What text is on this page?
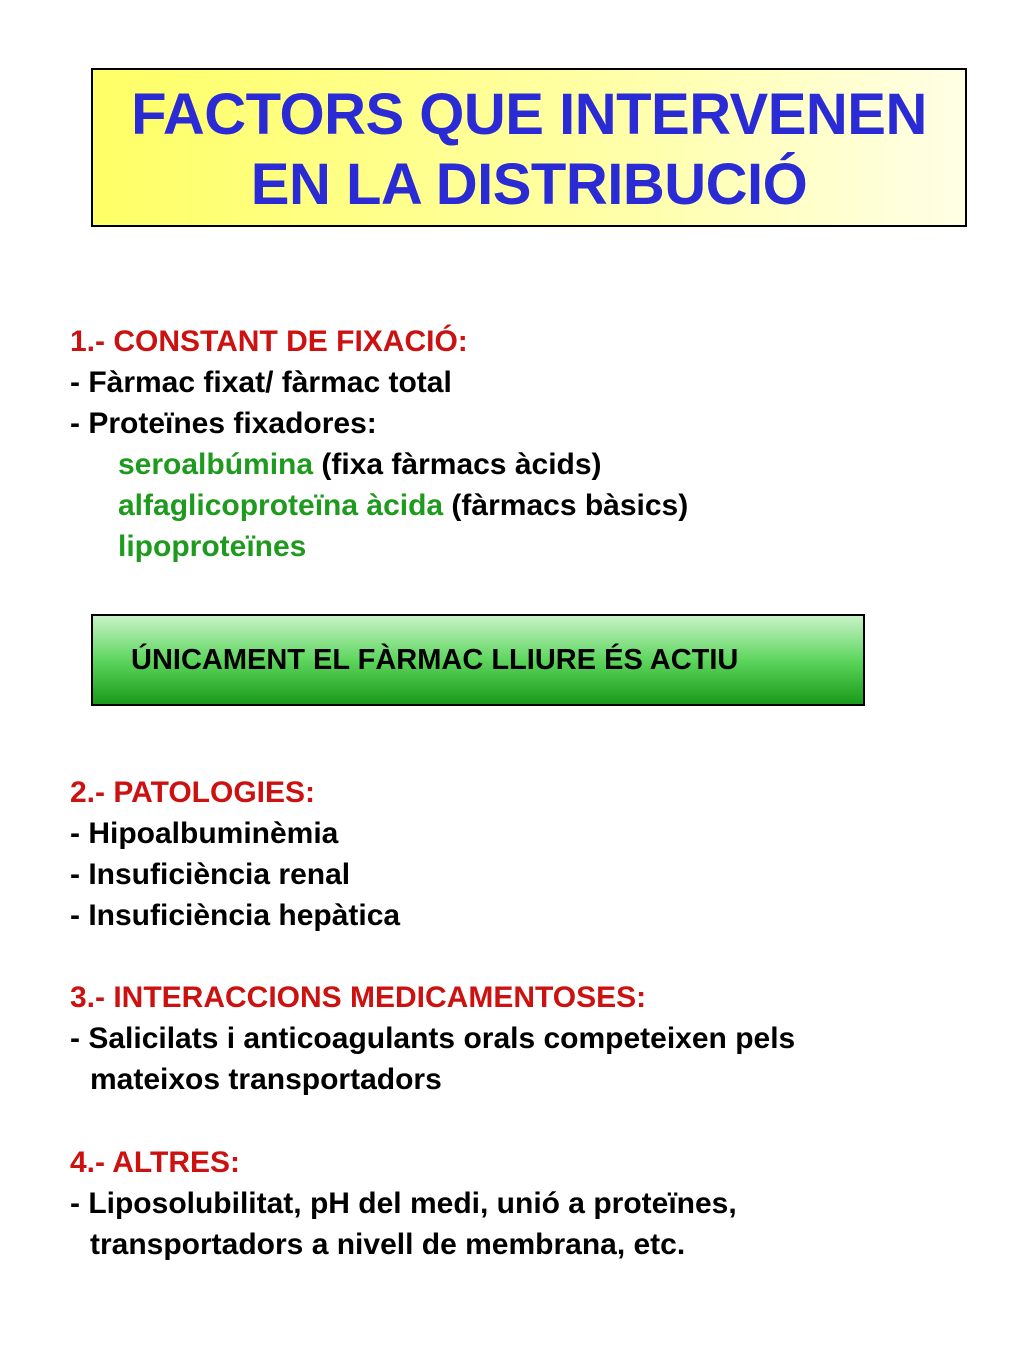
FACTORS QUE INTERVENEN
EN LA DISTRIBUCIÓ
1.- CONSTANT DE FIXACIÓ:
- Fàrmac fixat/ fàrmac total
- Proteïnes fixadores:
seroalbúmina (fixa fàrmacs àcids)
alfaglicoproteïna àcida (fàrmacs bàsics)
lipoproteïnes
ÚNICAMENT EL FÀRMAC LLIURE ÉS ACTIU
2.- PATOLOGIES:
- Hipoalbuminèmia
- Insuficiència renal
- Insuficiència hepàtica
3.- INTERACCIONS MEDICAMENTOSES:
- Salicilats i anticoagulants orals competeixen pels
mateixos transportadors
4.- ALTRES:
- Liposolubilitat, pH del medi, unió a proteïnes,
transportadors a nivell de membrana, etc.
